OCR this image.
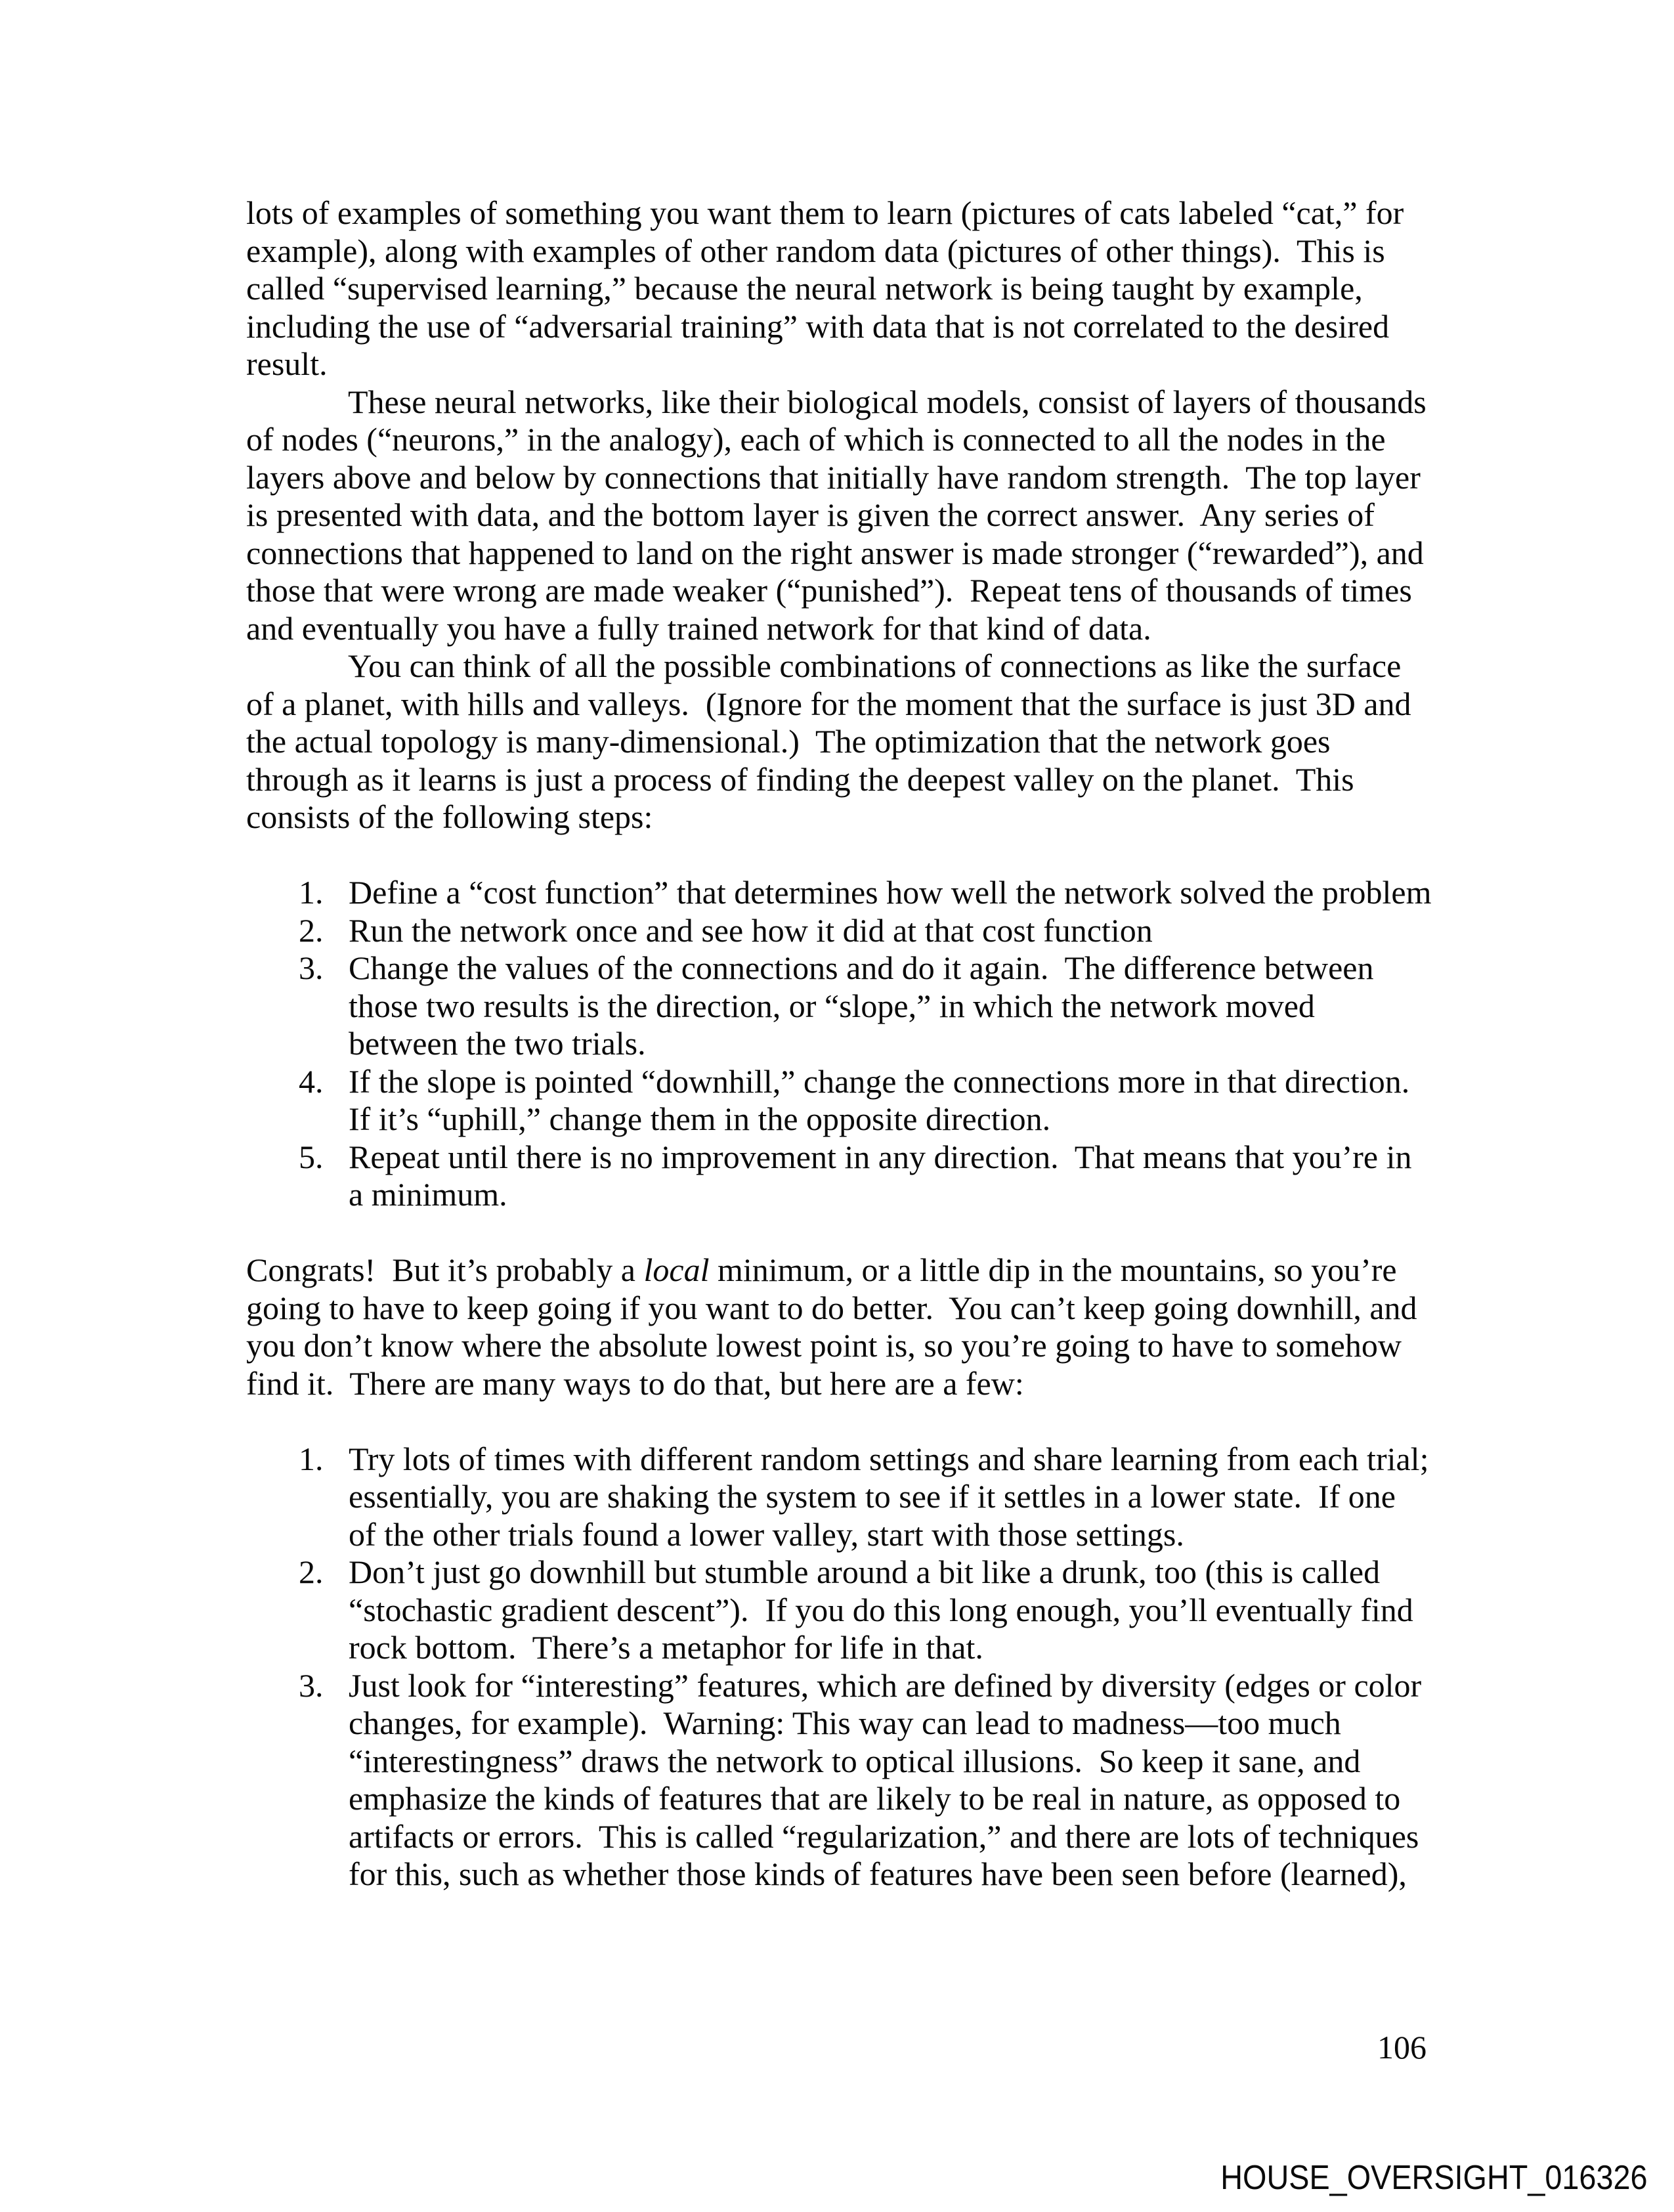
lots of examples of something you want them to learn (pictures of cats labeled “cat,” for
example), along with examples of other random data (pictures of other things).  This is
called “supervised learning,” because the neural network is being taught by example,
including the use of “adversarial training” with data that is not correlated to the desired
result.
These neural networks, like their biological models, consist of layers of thousands
of nodes (“neurons,” in the analogy), each of which is connected to all the nodes in the
layers above and below by connections that initially have random strength.  The top layer
is presented with data, and the bottom layer is given the correct answer.  Any series of
connections that happened to land on the right answer is made stronger (“rewarded”), and
those that were wrong are made weaker (“punished”).  Repeat tens of thousands of times
and eventually you have a fully trained network for that kind of data.
You can think of all the possible combinations of connections as like the surface
of a planet, with hills and valleys.  (Ignore for the moment that the surface is just 3D and
the actual topology is many-dimensional.)  The optimization that the network goes
through as it learns is just a process of finding the deepest valley on the planet.  This
consists of the following steps:

1. Define a “cost function” that determines how well the network solved the problem
2. Run the network once and see how it did at that cost function
3. Change the values of the connections and do it again.  The difference between
those two results is the direction, or “slope,” in which the network moved
between the two trials.
4. If the slope is pointed “downhill,” change the connections more in that direction.
If it’s “uphill,” change them in the opposite direction.
5. Repeat until there is no improvement in any direction.  That means that you’re in
a minimum.

Congrats!  But it’s probably a local minimum, or a little dip in the mountains, so you’re
going to have to keep going if you want to do better.  You can’t keep going downhill, and
you don’t know where the absolute lowest point is, so you’re going to have to somehow
find it.  There are many ways to do that, but here are a few:

1. Try lots of times with different random settings and share learning from each trial;
essentially, you are shaking the system to see if it settles in a lower state.  If one
of the other trials found a lower valley, start with those settings.
2. Don’t just go downhill but stumble around a bit like a drunk, too (this is called
“stochastic gradient descent”).  If you do this long enough, you’ll eventually find
rock bottom.  There’s a metaphor for life in that.
3. Just look for “interesting” features, which are defined by diversity (edges or color
changes, for example).  Warning: This way can lead to madness—too much
“interestingness” draws the network to optical illusions.  So keep it sane, and
emphasize the kinds of features that are likely to be real in nature, as opposed to
artifacts or errors.  This is called “regularization,” and there are lots of techniques
for this, such as whether those kinds of features have been seen before (learned),
106
HOUSE_OVERSIGHT_016326
